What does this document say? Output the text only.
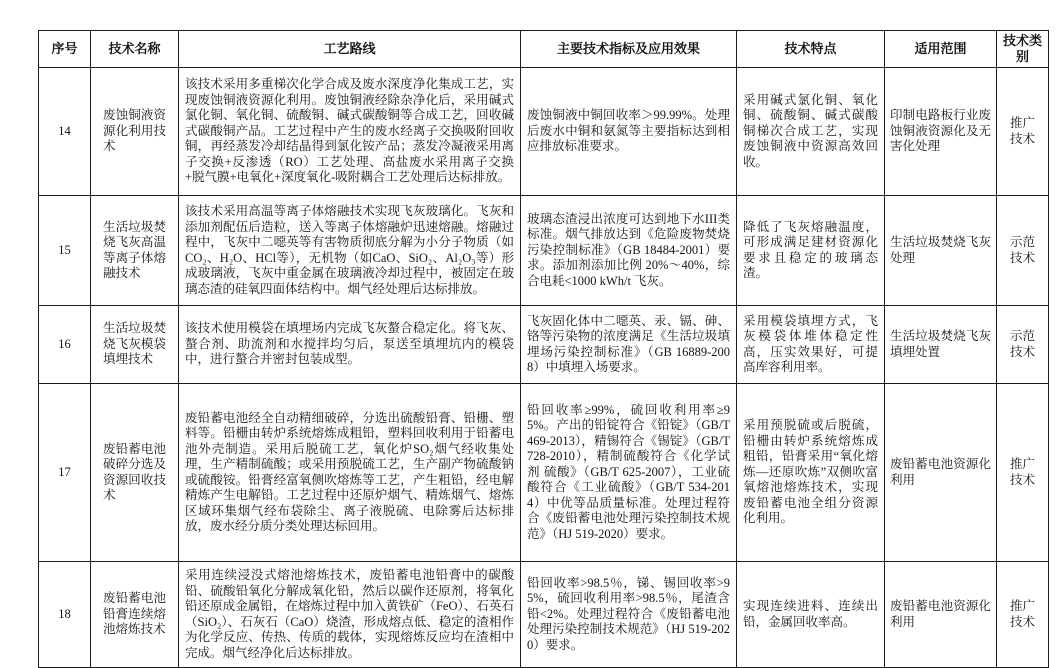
序号	技术名称	工艺路线	主要技术指标及应用效果	技术特点	适用范围	技术类别
14	废蚀铜液资源化利用技术	该技术采用多重梯次化学合成及废水深度净化集成工艺，实现废蚀铜液资源化利用。废蚀铜液经除杂净化后，采用碱式氯化铜、氧化铜、硫酸铜、碱式碳酸铜等合成工艺，回收碱式碳酸铜产品。工艺过程中产生的废水经离子交换吸附回收铜，再经蒸发冷却结晶得到氯化铵产品；蒸发冷凝液采用离子交换+反渗透（RO）工艺处理、高盐废水采用离子交换+脱气膜+电氧化+深度氧化-吸附耦合工艺处理后达标排放。	废蚀铜液中铜回收率＞99.99%。处理后废水中铜和氨氮等主要指标达到相应排放标准要求。	采用碱式氯化铜、氧化铜、硫酸铜、碱式碳酸铜梯次合成工艺，实现废蚀铜液中资源高效回收。	印制电路板行业废蚀铜液资源化及无害化处理	推广技术
15	生活垃圾焚烧飞灰高温等离子体熔融技术	该技术采用高温等离子体熔融技术实现飞灰玻璃化。飞灰和添加剂配伍后造粒，送入等离子体熔融炉迅速熔融。熔融过程中，飞灰中二噁英等有害物质彻底分解为小分子物质（如CO₂、H₂O、HCl等），无机物（如CaO、SiO₂、Al₂O₃等）形成玻璃液，飞灰中重金属在玻璃液冷却过程中，被固定在玻璃态渣的硅氧四面体结构中。烟气经处理后达标排放。	玻璃态渣浸出浓度可达到地下水III类标准。烟气排放达到《危险废物焚烧污染控制标准》（GB 18484-2001）要求。添加剂添加比例 20%～40%，综合电耗<1000 kWh/t 飞灰。	降低了飞灰熔融温度，可形成满足建材资源化要求且稳定的玻璃态渣。	生活垃圾焚烧飞灰处理	示范技术
16	生活垃圾焚烧飞灰模袋填埋技术	该技术使用模袋在填埋场内完成飞灰螯合稳定化。将飞灰、螯合剂、助流剂和水搅拌均匀后，泵送至填埋坑内的模袋中，进行螯合并密封包装成型。	飞灰固化体中二噁英、汞、镉、砷、铬等污染物的浓度满足《生活垃圾填埋场污染控制标准》（GB 16889-2008）中填埋入场要求。	采用模袋填埋方式，飞灰模袋体堆体稳定性高，压实效果好，可提高库容利用率。	生活垃圾焚烧飞灰填埋处置	示范技术
17	废铅蓄电池破碎分选及资源回收技术	废铅蓄电池经全自动精细破碎，分选出硫酸铅膏、铅栅、塑料等。铅栅由转炉系统熔炼成粗铅，塑料回收利用于铅蓄电池外壳制造。采用后脱硫工艺，氧化炉SO₂烟气经收集处理，生产精制硫酸；或采用预脱硫工艺，生产副产物硫酸钠或硫酸铵。铅膏经富氧侧吹熔炼等工艺，产生粗铅，经电解精炼产生电解铅。工艺过程中还原炉烟气、精炼烟气、熔炼区域环集烟气经布袋除尘、离子液脱硫、电除雾后达标排放，废水经分质分类处理达标回用。	铅回收率≥99%，硫回收利用率≥95%。产出的铅锭符合《铅锭》（GB/T 469-2013），精锡符合《锡锭》（GB/T 728-2010），精制硫酸符合《化学试剂 硫酸》（GB/T 625-2007），工业硫酸符合《工业硫酸》（GB/T 534-2014）中优等品质量标准。处理过程符合《废铅蓄电池处理污染控制技术规范》（HJ 519-2020）要求。	采用预脱硫或后脱硫，铅栅由转炉系统熔炼成粗铅，铅膏采用“氧化熔炼—还原吹炼”双侧吹富氧熔池熔炼技术，实现废铅蓄电池全组分资源化利用。	废铅蓄电池资源化利用	推广技术
18	废铅蓄电池铅膏连续熔池熔炼技术	采用连续浸没式熔池熔炼技术，废铅蓄电池铅膏中的碳酸铅、硫酸铅氧化分解成氧化铅，然后以碳作还原剂，将氧化铅还原成金属铅，在熔炼过程中加入黄铁矿（FeO）、石英石（SiO₂）、石灰石（CaO）烧渣，形成熔点低、稳定的渣相作为化学反应、传热、传质的载体，实现熔炼反应均在渣相中完成。烟气经净化后达标排放。	铅回收率>98.5％，锑、锡回收率>95%，硫回收利用率>98.5％，尾渣含铅<2%。处理过程符合《废铅蓄电池处理污染控制技术规范》（HJ 519-2020）要求。	实现连续进料、连续出铅，金属回收率高。	废铅蓄电池资源化利用	推广技术
